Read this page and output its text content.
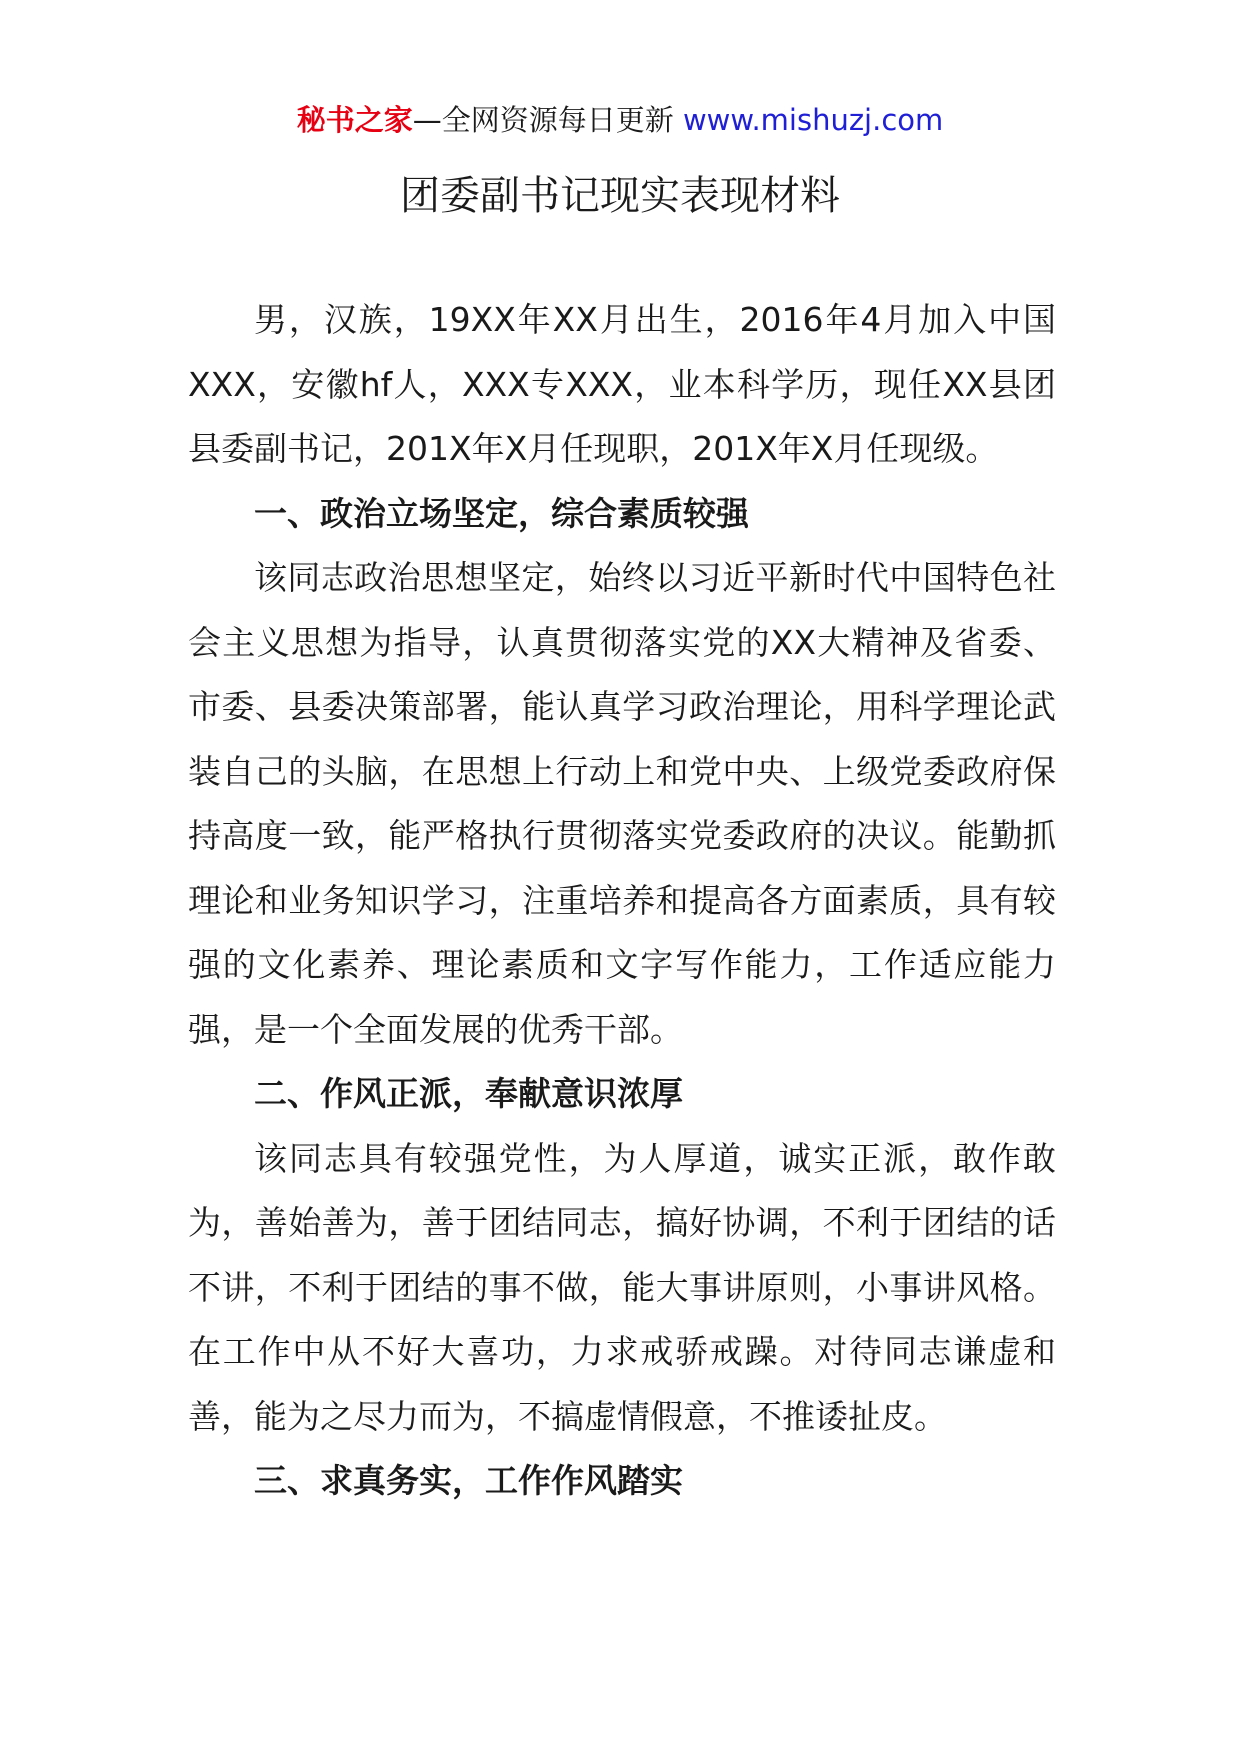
秘书之家—全网资源每日更新 www.mishuzj.com
团委副书记现实表现材料

男，汉族，19XX年XX月出生，2016年4月加入中国XXX，安徽hf人，XXX专XXX，业本科学历，现任XX县团县委副书记，201X年X月任现职，201X年X月任现级。

一、政治立场坚定，综合素质较强

该同志政治思想坚定，始终以习近平新时代中国特色社会主义思想为指导，认真贯彻落实党的XX大精神及省委、市委、县委决策部署，能认真学习政治理论，用科学理论武装自己的头脑，在思想上行动上和党中央、上级党委政府保持高度一致，能严格执行贯彻落实党委政府的决议。能勤抓理论和业务知识学习，注重培养和提高各方面素质，具有较强的文化素养、理论素质和文字写作能力，工作适应能力强，是一个全面发展的优秀干部。

二、作风正派，奉献意识浓厚

该同志具有较强党性，为人厚道，诚实正派，敢作敢为，善始善为，善于团结同志，搞好协调，不利于团结的话不讲，不利于团结的事不做，能大事讲原则，小事讲风格。在工作中从不好大喜功，力求戒骄戒躁。对待同志谦虚和善，能为之尽力而为，不搞虚情假意，不推诿扯皮。

三、求真务实，工作作风踏实
